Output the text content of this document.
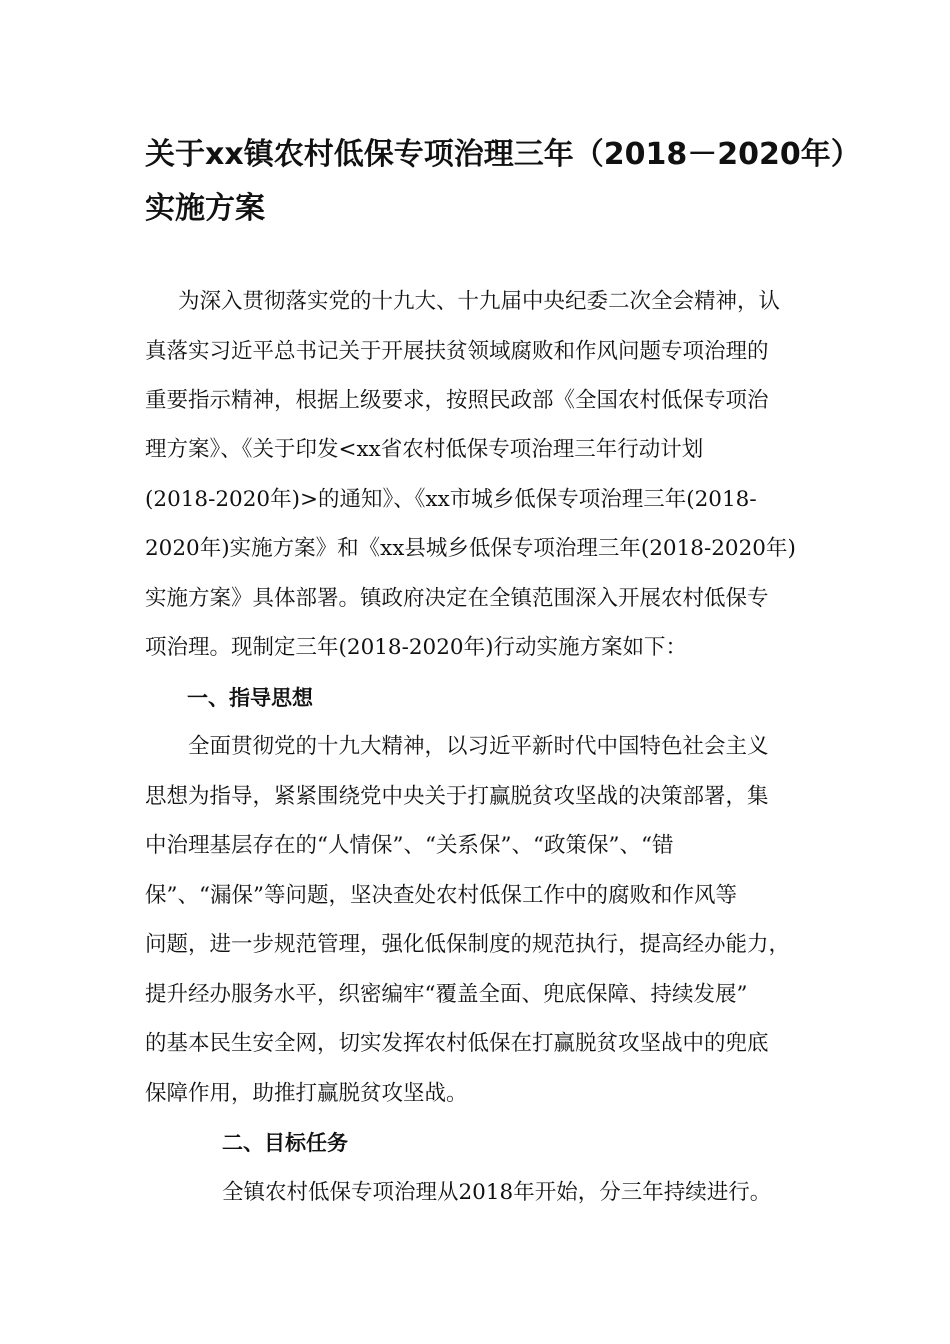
关于xx镇农村低保专项治理三年（2018－2020年）
实施方案
为深入贯彻落实党的十九大、十九届中央纪委二次全会精神，认
真落实习近平总书记关于开展扶贫领域腐败和作风问题专项治理的
重要指示精神，根据上级要求，按照民政部《全国农村低保专项治
理方案》、《关于印发<xx省农村低保专项治理三年行动计划
(2018-2020年)>的通知》、《xx市城乡低保专项治理三年(2018-
2020年)实施方案》和《xx县城乡低保专项治理三年(2018-2020年)
实施方案》具体部署。镇政府决定在全镇范围深入开展农村低保专
项治理。现制定三年(2018-2020年)行动实施方案如下：
一、指导思想
全面贯彻党的十九大精神，以习近平新时代中国特色社会主义
思想为指导，紧紧围绕党中央关于打赢脱贫攻坚战的决策部署，集
中治理基层存在的“人情保”、“关系保”、“政策保”、“错
保”、“漏保”等问题，坚决查处农村低保工作中的腐败和作风等
问题，进一步规范管理，强化低保制度的规范执行，提高经办能力，
提升经办服务水平，织密编牢“覆盖全面、兜底保障、持续发展”
的基本民生安全网，切实发挥农村低保在打赢脱贫攻坚战中的兜底
保障作用，助推打赢脱贫攻坚战。
二、目标任务
全镇农村低保专项治理从2018年开始，分三年持续进行。
